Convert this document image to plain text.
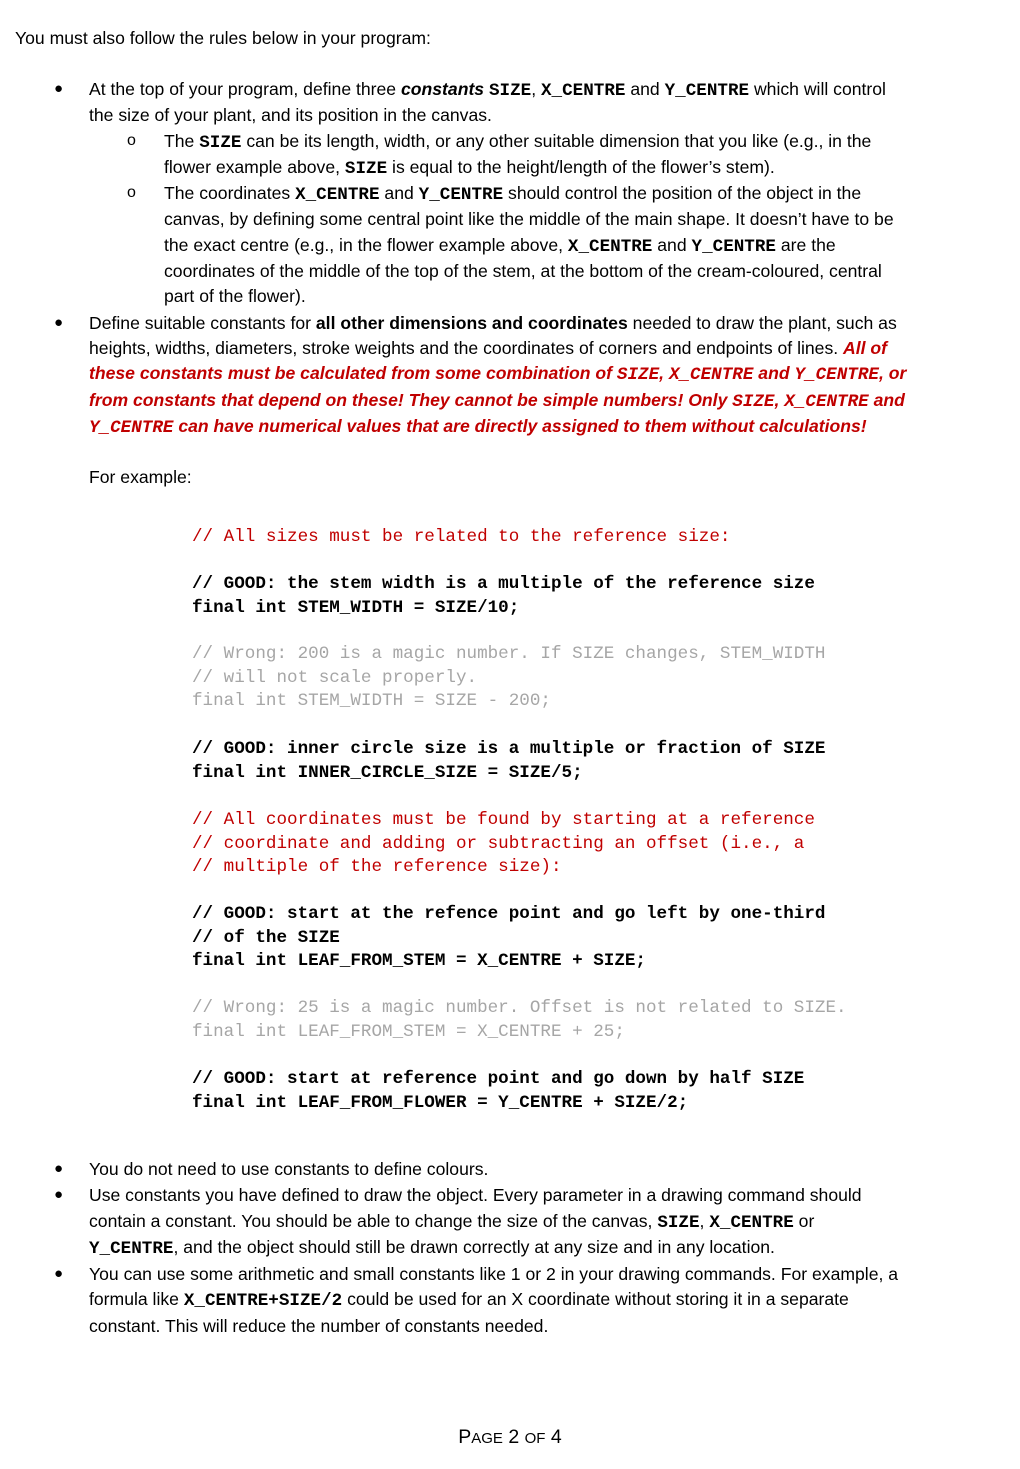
You must also follow the rules below in your program:
● At the top of your program, define three constants SIZE, X_CENTRE and Y_CENTRE which will control
the size of your plant, and its position in the canvas.
o The SIZE can be its length, width, or any other suitable dimension that you like (e.g., in the
flower example above, SIZE is equal to the height/length of the flower’s stem).
o The coordinates X_CENTRE and Y_CENTRE should control the position of the object in the
canvas, by defining some central point like the middle of the main shape. It doesn’t have to be
the exact centre (e.g., in the flower example above, X_CENTRE and Y_CENTRE are the
coordinates of the middle of the top of the stem, at the bottom of the cream-coloured, central
part of the flower).
● Define suitable constants for all other dimensions and coordinates needed to draw the plant, such as
heights, widths, diameters, stroke weights and the coordinates of corners and endpoints of lines. All of
these constants must be calculated from some combination of SIZE, X_CENTRE and Y_CENTRE, or
from constants that depend on these! They cannot be simple numbers! Only SIZE, X_CENTRE and
Y_CENTRE can have numerical values that are directly assigned to them without calculations!
For example:
// All sizes must be related to the reference size:
// GOOD: the stem width is a multiple of the reference size
final int STEM_WIDTH = SIZE/10;
// Wrong: 200 is a magic number. If SIZE changes, STEM_WIDTH
// will not scale properly.
final int STEM_WIDTH = SIZE - 200;
// GOOD: inner circle size is a multiple or fraction of SIZE
final int INNER_CIRCLE_SIZE = SIZE/5;
// All coordinates must be found by starting at a reference
// coordinate and adding or subtracting an offset (i.e., a
// multiple of the reference size):
// GOOD: start at the refence point and go left by one-third
// of the SIZE
final int LEAF_FROM_STEM = X_CENTRE + SIZE;
// Wrong: 25 is a magic number. Offset is not related to SIZE.
final int LEAF_FROM_STEM = X_CENTRE + 25;
// GOOD: start at reference point and go down by half SIZE
final int LEAF_FROM_FLOWER = Y_CENTRE + SIZE/2;
● You do not need to use constants to define colours.
● Use constants you have defined to draw the object. Every parameter in a drawing command should
contain a constant. You should be able to change the size of the canvas, SIZE, X_CENTRE or
Y_CENTRE, and the object should still be drawn correctly at any size and in any location.
● You can use some arithmetic and small constants like 1 or 2 in your drawing commands. For example, a
formula like X_CENTRE+SIZE/2 could be used for an X coordinate without storing it in a separate
constant. This will reduce the number of constants needed.
PAGE 2 OF 4
